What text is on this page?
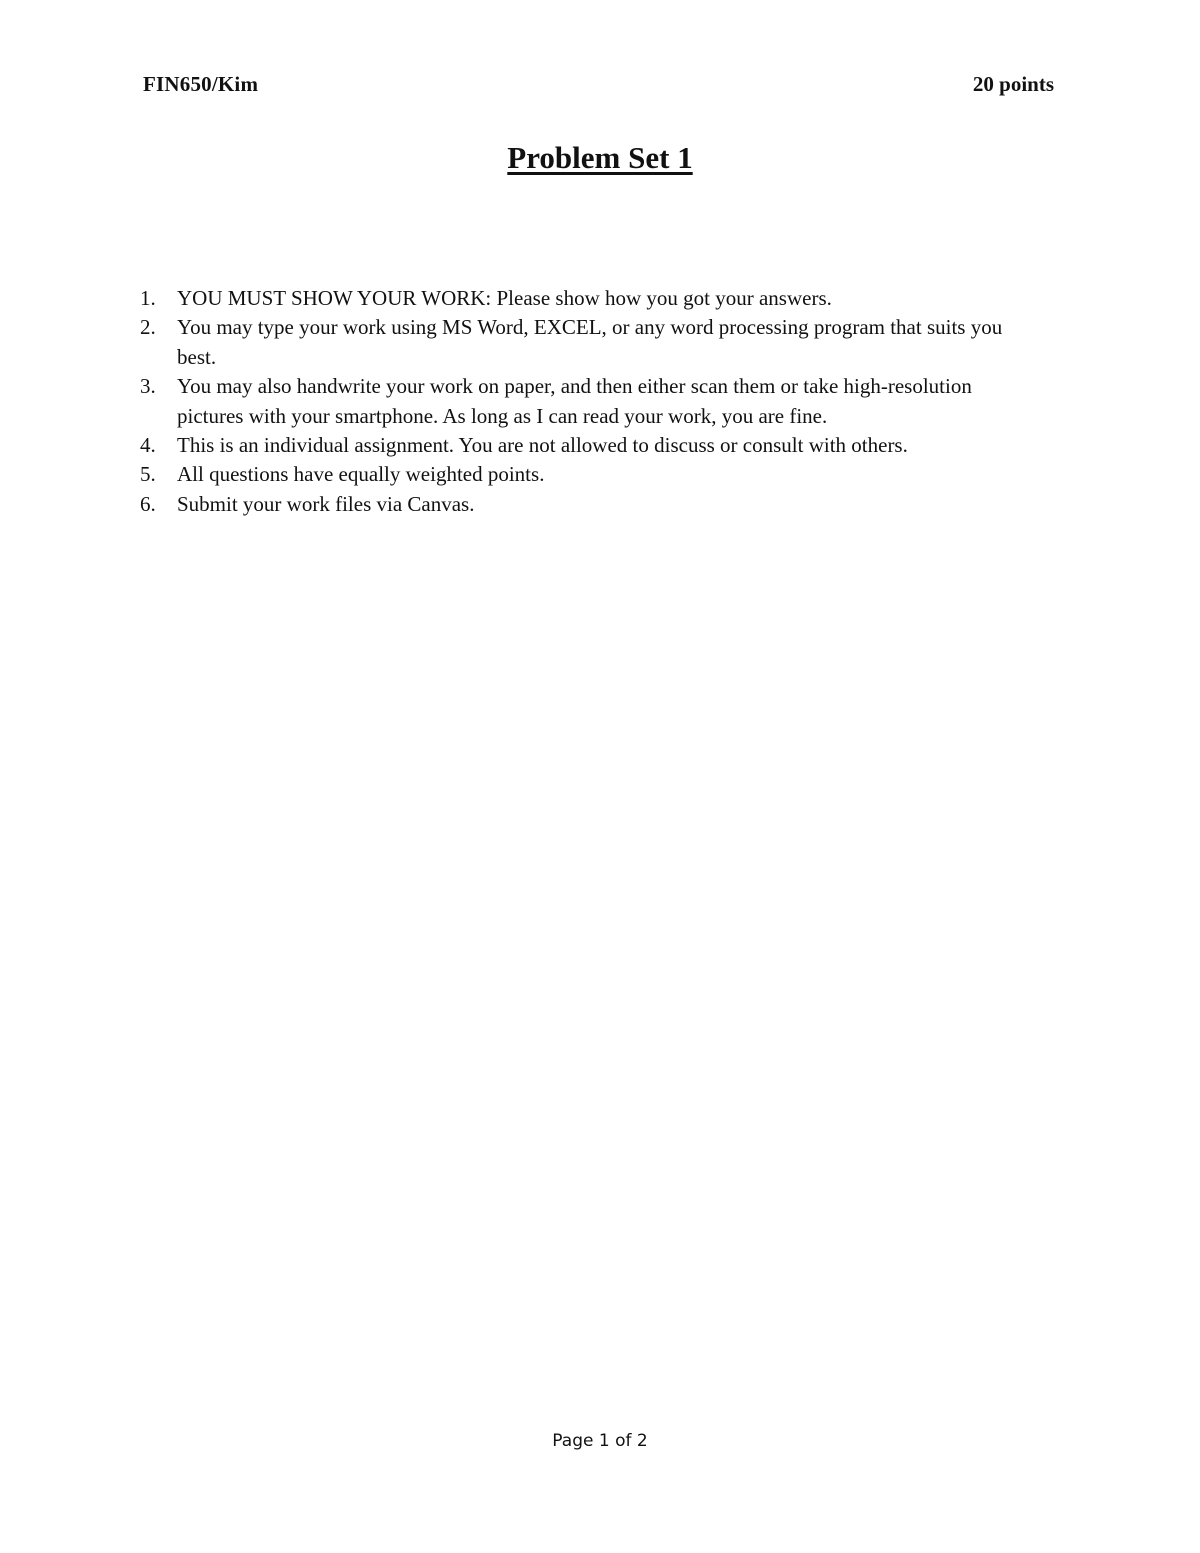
FIN650/Kim	20 points
Problem Set 1
1. YOU MUST SHOW YOUR WORK: Please show how you got your answers.
2. You may type your work using MS Word, EXCEL, or any word processing program that suits you best.
3. You may also handwrite your work on paper, and then either scan them or take high-resolution pictures with your smartphone. As long as I can read your work, you are fine.
4. This is an individual assignment. You are not allowed to discuss or consult with others.
5. All questions have equally weighted points.
6. Submit your work files via Canvas.
Page 1 of 2
